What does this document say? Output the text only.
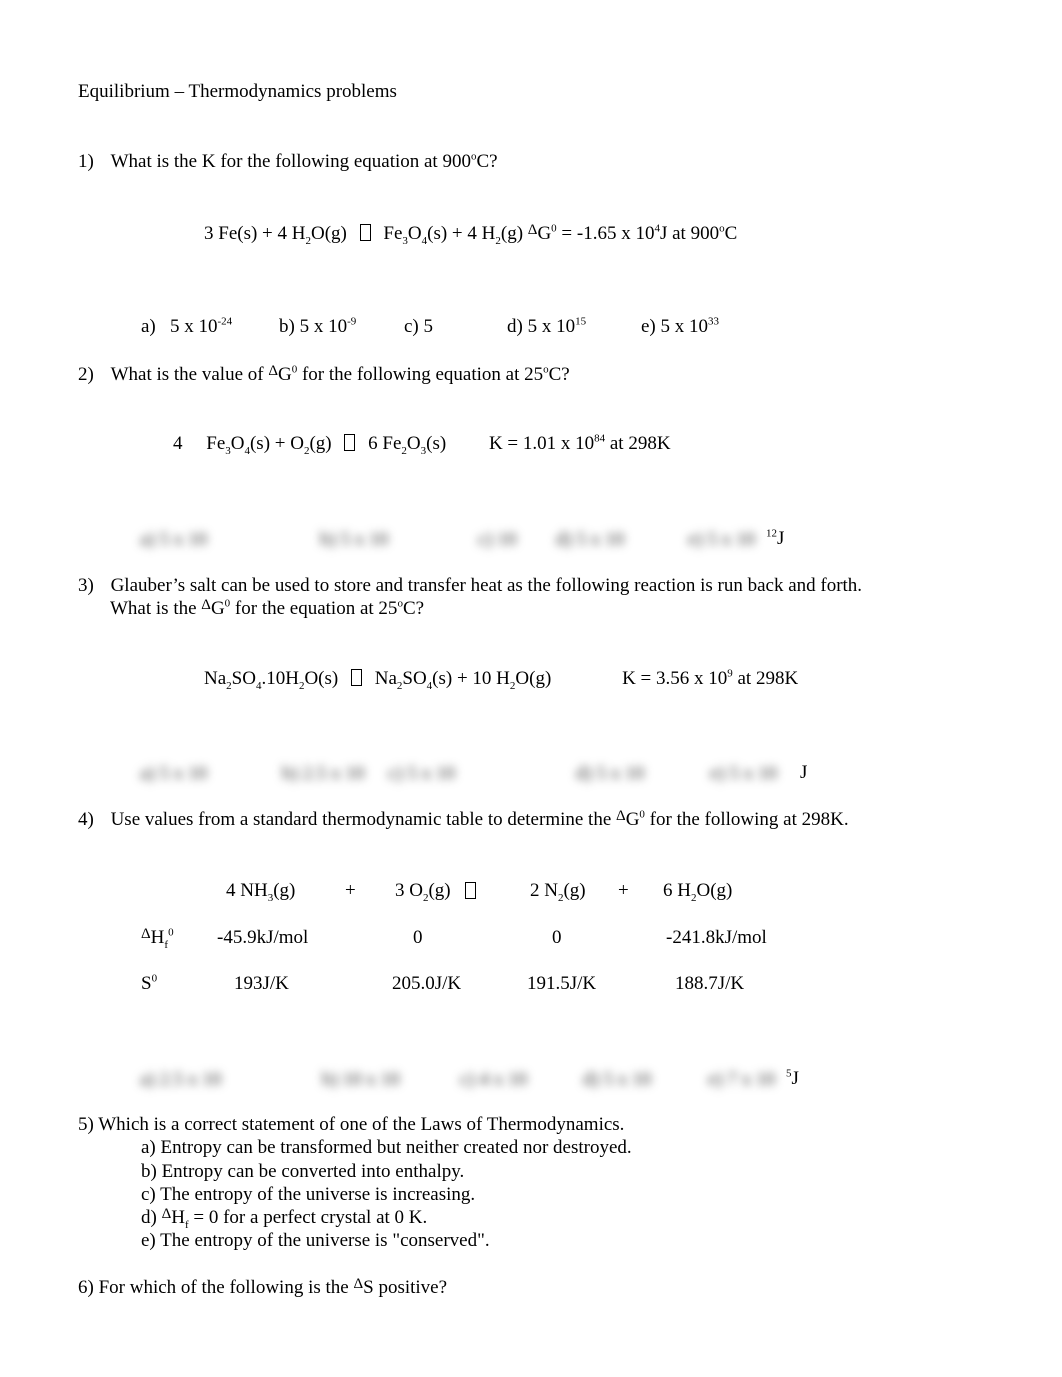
Equilibrium – Thermodynamics problems
1) What is the K for the following equation at 900$^o$C?
3 Fe(s) + 4 $H_2O(g) Fe_3O_4(s) + 4$ $H_2(g) ^\Delta G^0 = -1.65$ x $10^4J$ at 900$^o$C
a) 5 x $10^{-24}$ b) 5 x $10^{-9}$	c) 5	d) 5 x $10^{15}$	e) 5 x $10^{33}$
2) What is the value of $^\Delta G^0$ for the following equation at 25$^o$C?
4 $Fe_3O_4(s) + O_2(g)$ 6 $Fe_2O_3(s) K = 1.01$ x $10^{84}$ at 298K
a) 5 x 10	b) 5 x 10	c) 10 d) 5 x 10	e) 5 x 10 $^{12}$J
3) Glauber’s salt can be used to store and transfer heat as the following reaction is run back and forth.
What is the $^\Delta G^0$ for the equation at 25$^o$C?
$Na_2SO_4.10H_2O(s) Na_2SO_4(s) + 10$ $H_2O(g)$	K = 3.56 x $10^9$ at 298K
a) 5 x 10	b) 2.5 x 10 c) 5 x 10	d) 5 x 10	e) 5 x 10 J
4) Use values from a standard thermodynamic table to determine the $^\Delta G^0$ for the following at 298K.
4 $NH_3(g)$	+ 3 $O_2(g)$	2 $N_2(g) + 6$ $H_2O(g)$
$^\Delta H_f^0$ -45.9kJ/mol	0	0	-241.8kJ/mol
$S^0$	193J/K	205.0J/K	191.5J/K	188.7J/K
a) 2.5 x 10	b) 10 x 10	c) 4 x 10	d) 5 x 10	e) 7 x 10 $^5$J
5) Which is a correct statement of one of the Laws of Thermodynamics.
a) Entropy can be transformed but neither created nor destroyed.
b) Entropy can be converted into enthalpy.
c) The entropy of the universe is increasing.
d) $^\Delta H_f = 0$ for a perfect crystal at 0 K.
e) The entropy of the universe is "conserved".
6) For which of the following is the $^\Delta$S positive?
